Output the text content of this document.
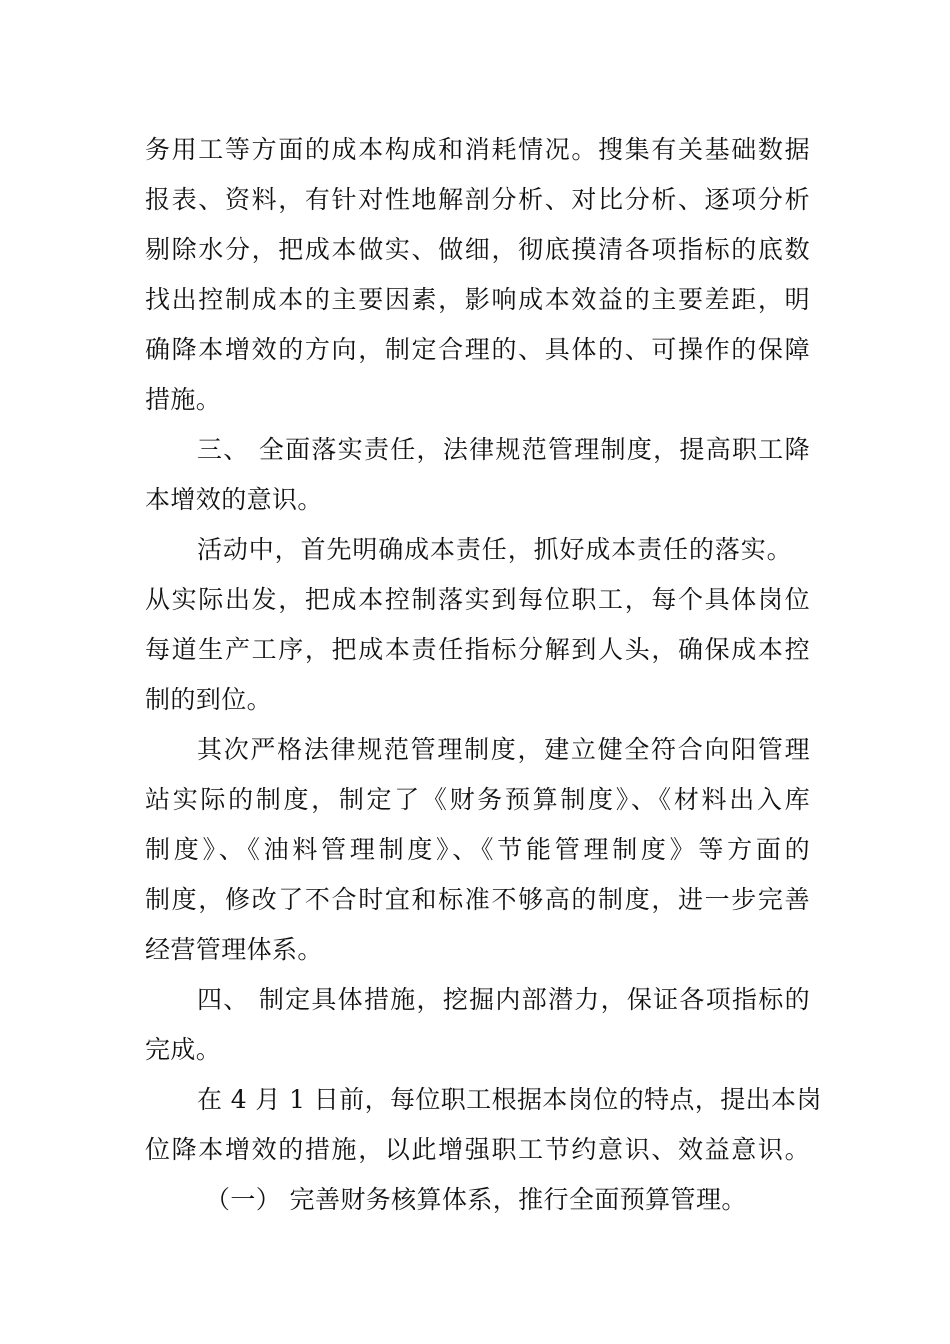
务用工等方面的成本构成和消耗情况。搜集有关基础数据
报表、资料，有针对性地解剖分析、对比分析、逐项分析
剔除水分，把成本做实、做细，彻底摸清各项指标的底数
找出控制成本的主要因素，影响成本效益的主要差距，明
确降本增效的方向，制定合理的、具体的、可操作的保障
措施。
三、 全面落实责任，法律规范管理制度，提高职工降
本增效的意识。
活动中，首先明确成本责任，抓好成本责任的落实。
从实际出发，把成本控制落实到每位职工，每个具体岗位
每道生产工序，把成本责任指标分解到人头，确保成本控
制的到位。
其次严格法律规范管理制度，建立健全符合向阳管理
站实际的制度，制定了《财务预算制度》、《材料出入库
制度》、《油料管理制度》、《节能管理制度》等方面的
制度，修改了不合时宜和标准不够高的制度，进一步完善
经营管理体系。
四、 制定具体措施，挖掘内部潜力，保证各项指标的
完成。
在 4 月 1 日前，每位职工根据本岗位的特点，提出本岗
位降本增效的措施，以此增强职工节约意识、效益意识。
（一） 完善财务核算体系，推行全面预算管理。
